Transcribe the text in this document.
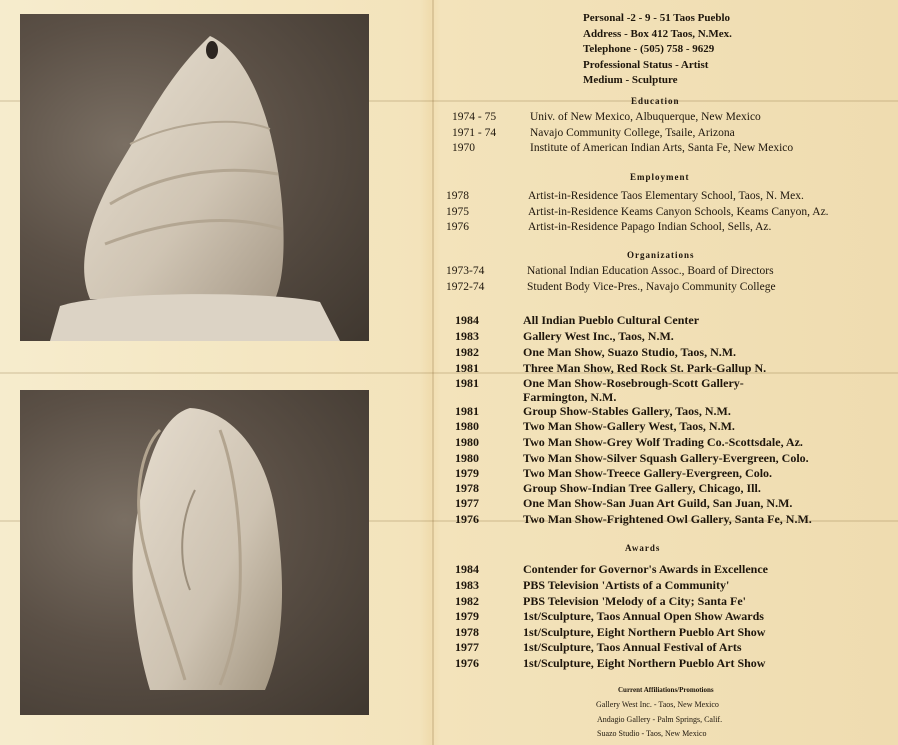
Personal -2 - 9 - 51 Taos Pueblo
Address - Box 412 Taos, N.Mex.
Telephone - (505) 758 - 9629
Professional Status - Artist
Medium - Sculpture
Education
1974 - 75	Univ. of New Mexico, Albuquerque, New Mexico
1971 - 74	Navajo Community College, Tsaile, Arizona
1970	Institute of American Indian Arts, Santa Fe, New Mexico
Employment
1978	Artist-in-Residence Taos Elementary School, Taos, N. Mex.
1975	Artist-in-Residence Keams Canyon Schools, Keams Canyon, Az.
1976	Artist-in-Residence Papago Indian School, Sells, Az.
Organizations
1973-74	National Indian Education Assoc., Board of Directors
1972-74	Student Body Vice-Pres., Navajo Community College
1984	All Indian Pueblo Cultural Center
1983	Gallery West Inc., Taos, N.M.
1982	One Man Show, Suazo Studio, Taos, N.M.
1981	Three Man Show, Red Rock St. Park-Gallup N.
1981	One Man Show-Rosebrough-Scott Gallery-
Farmington, N.M.
1981	Group Show-Stables Gallery, Taos, N.M.
1980	Two Man Show-Gallery West, Taos, N.M.
1980	Two Man Show-Grey Wolf Trading Co.-Scottsdale, Az.
1980	Two Man Show-Silver Squash Gallery-Evergreen, Colo.
1979	Two Man Show-Treece Gallery-Evergreen, Colo.
1978	Group Show-Indian Tree Gallery, Chicago, Ill.
1977	One Man Show-San Juan Art Guild, San Juan, N.M.
1976	Two Man Show-Frightened Owl Gallery, Santa Fe, N.M.
Awards
1984	Contender for Governor's Awards in Excellence
1983	PBS Television 'Artists of a Community'
1982	PBS Television 'Melody of a City; Santa Fe'
1979	1st/Sculpture, Taos Annual Open Show Awards
1978	1st/Sculpture, Eight Northern Pueblo Art Show
1977	1st/Sculpture, Taos Annual Festival of Arts
1976	1st/Sculpture, Eight Northern Pueblo Art Show
Current Affiliations/Promotions
Gallery West Inc. - Taos, New Mexico
Andagio Gallery - Palm Springs, Calif.
Suazo Studio - Taos, New Mexico
